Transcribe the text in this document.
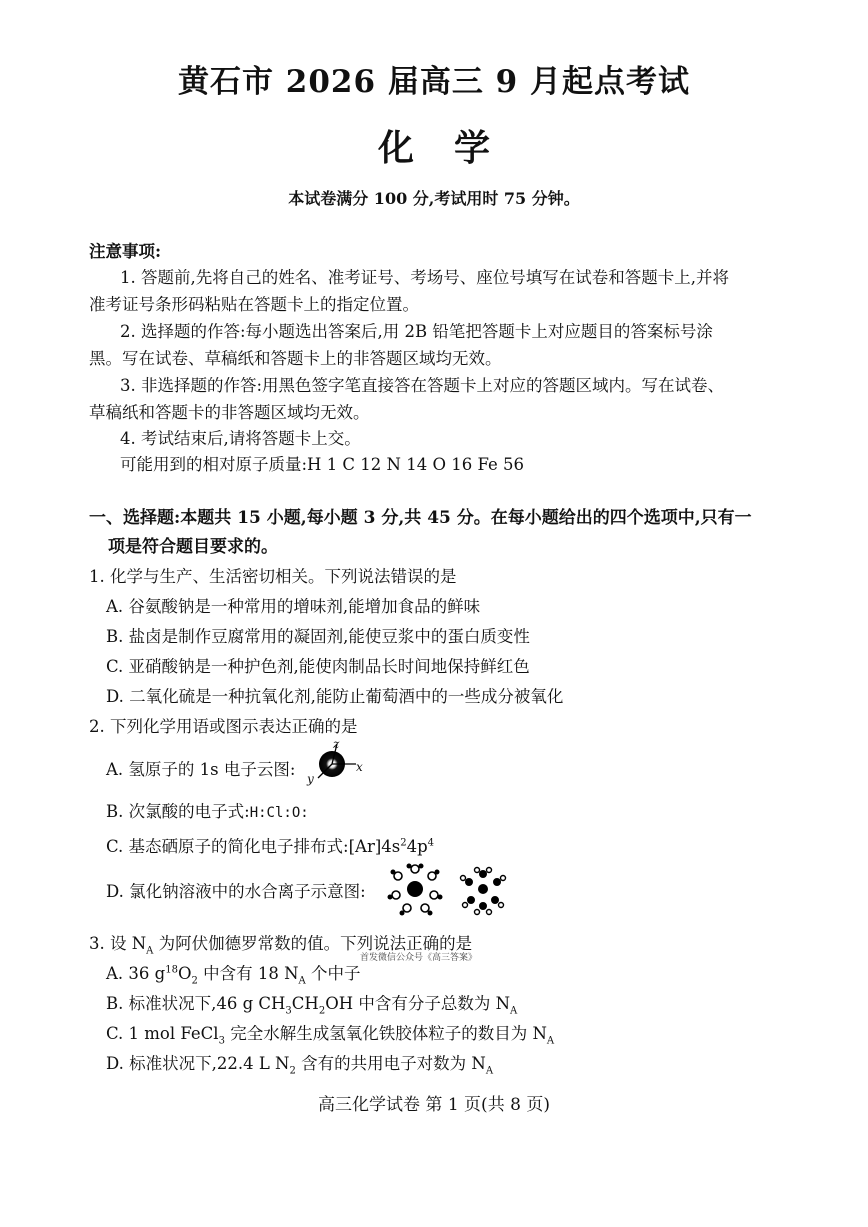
黄石市 2026 届高三 9 月起点考试
化学
本试卷满分 100 分,考试用时 75 分钟。
注意事项:
1. 答题前,先将自己的姓名、准考证号、考场号、座位号填写在试卷和答题卡上,并将
准考证号条形码粘贴在答题卡上的指定位置。
2. 选择题的作答:每小题选出答案后,用 2B 铅笔把答题卡上对应题目的答案标号涂
黑。写在试卷、草稿纸和答题卡上的非答题区域均无效。
3. 非选择题的作答:用黑色签字笔直接答在答题卡上对应的答题区域内。写在试卷、
草稿纸和答题卡的非答题区域均无效。
4. 考试结束后,请将答题卡上交。
可能用到的相对原子质量:H 1 C 12 N 14 O 16 Fe 56
一、选择题:本题共 15 小题,每小题 3 分,共 45 分。在每小题给出的四个选项中,只有一
项是符合题目要求的。
1. 化学与生产、生活密切相关。下列说法错误的是
A. 谷氨酸钠是一种常用的增味剂,能增加食品的鲜味
B. 盐卤是制作豆腐常用的凝固剂,能使豆浆中的蛋白质变性
C. 亚硝酸钠是一种护色剂,能使肉制品长时间地保持鲜红色
D. 二氧化硫是一种抗氧化剂,能防止葡萄酒中的一些成分被氧化
2. 下列化学用语或图示表达正确的是
A. 氢原子的 1s 电子云图:
z
x
y
B. 次氯酸的电子式:H:Cl:O:
C. 基态硒原子的简化电子排布式$:[Ar]4s^24p^4$
D. 氯化钠溶液中的水合离子示意图:
3. 设 $N_A$ 为阿伏伽德罗常数的值。下列说法正确的是
A. 36 $g^{18}O_2$ 中含有 18 $N_A$ 个中子
首发微信公众号《高三答案》
B. 标准状况下,46 g $CH_3CH_2OH$ 中含有分子总数为 $N_A$
C. 1 mol FeCl$_3$ 完全水解生成氢氧化铁胶体粒子的数目为 $N_A$
D. 标准状况下,22.4 L $N_2$ 含有的共用电子对数为 $N_A$
高三化学试卷 第 1 页(共 8 页)
